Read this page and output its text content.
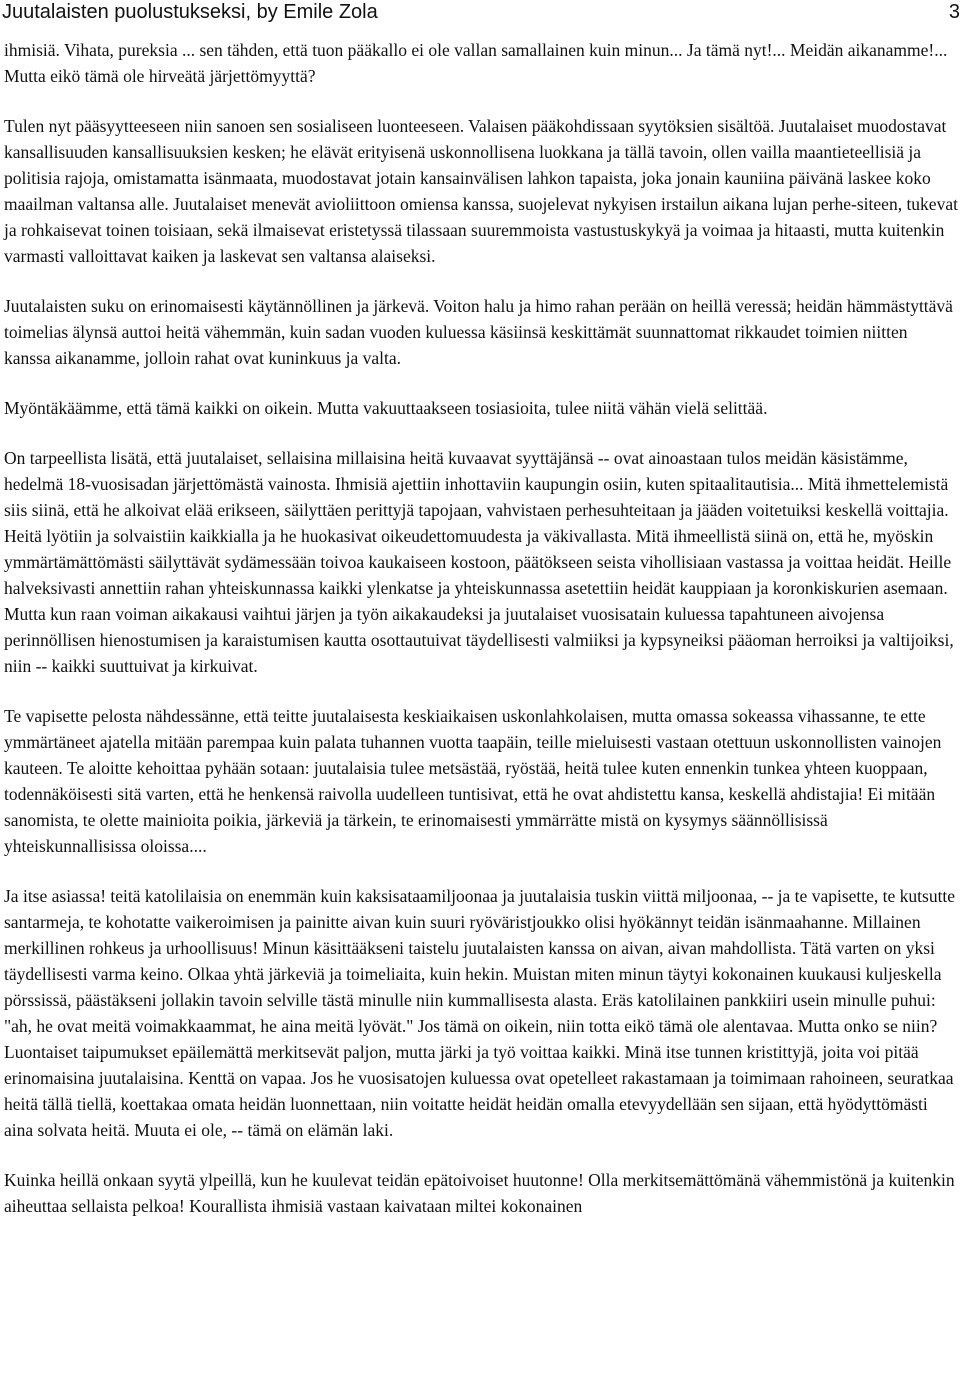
Juutalaisten puolustukseksi, by Emile Zola	3

ihmisiä. Vihata, pureksia ... sen tähden, että tuon pääkallo ei ole vallan samallainen kuin minun... Ja tämä nyt!... Meidän aikanamme!... Mutta eikö tämä ole hirveätä järjettömyyttä?

Tulen nyt pääsyytteeseen niin sanoen sen sosialiseen luonteeseen. Valaisen pääkohdissaan syytöksien sisältöä. Juutalaiset muodostavat kansallisuuden kansallisuuksien kesken; he elävät erityisenä uskonnollisena luokkana ja tällä tavoin, ollen vailla maantieteellisiä ja politisia rajoja, omistamatta isänmaata, muodostavat jotain kansainvälisen lahkon tapaista, joka jonain kauniina päivänä laskee koko maailman valtansa alle. Juutalaiset menevät avioliittoon omiensa kanssa, suojelevat nykyisen irstailun aikana lujan perhe-siteen, tukevat ja rohkaisevat toinen toisiaan, sekä ilmaisevat eristetyssä tilassaan suuremmoista vastustuskykyä ja voimaa ja hitaasti, mutta kuitenkin varmasti valloittavat kaiken ja laskevat sen valtansa alaiseksi.

Juutalaisten suku on erinomaisesti käytännöllinen ja järkevä. Voiton halu ja himo rahan perään on heillä veressä; heidän hämmästyttävä toimelias älynsä auttoi heitä vähemmän, kuin sadan vuoden kuluessa käsiinsä keskittämät suunnattomat rikkaudet toimien niitten kanssa aikanamme, jolloin rahat ovat kuninkuus ja valta.

Myöntäkäämme, että tämä kaikki on oikein. Mutta vakuuttaakseen tosiasioita, tulee niitä vähän vielä selittää.

On tarpeellista lisätä, että juutalaiset, sellaisina millaisina heitä kuvaavat syyttäjänsä -- ovat ainoastaan tulos meidän käsistämme, hedelmä 18-vuosisadan järjettömästä vainosta. Ihmisiä ajettiin inhottaviin kaupungin osiin, kuten spitaalitautisia... Mitä ihmettelemistä siis siinä, että he alkoivat elää erikseen, säilyttäen perittyjä tapojaan, vahvistaen perhesuhteitaan ja jääden voitetuiksi keskellä voittajia. Heitä lyötiin ja solvaistiin kaikkialla ja he huokasivat oikeudettomuudesta ja väkivallasta. Mitä ihmeellistä siinä on, että he, myöskin ymmärtämättömästi säilyttävät sydämessään toivoa kaukaiseen kostoon, päätökseen seista vihollisiaan vastassa ja voittaa heidät. Heille halveksivasti annettiin rahan yhteiskunnassa kaikki ylenkatse ja yhteiskunnassa asetettiin heidät kauppiaan ja koronkiskurien asemaan. Mutta kun raan voiman aikakausi vaihtui järjen ja työn aikakaudeksi ja juutalaiset vuosisatain kuluessa tapahtuneen aivojensa perinnöllisen hienostumisen ja karaistumisen kautta osottautuivat täydellisesti valmiiksi ja kypsyneiksi pääoman herroiksi ja valtijoiksi, niin -- kaikki suuttuivat ja kirkuivat.

Te vapisette pelosta nähdessänne, että teitte juutalaisesta keskiaikaisen uskonlahkolaisen, mutta omassa sokeassa vihassanne, te ette ymmärtäneet ajatella mitään parempaa kuin palata tuhannen vuotta taapäin, teille mieluisesti vastaan otettuun uskonnollisten vainojen kauteen. Te aloitte kehoittaa pyhään sotaan: juutalaisia tulee metsästää, ryöstää, heitä tulee kuten ennenkin tunkea yhteen kuoppaan, todennäköisesti sitä varten, että he henkensä raivolla uudelleen tuntisivat, että he ovat ahdistettu kansa, keskellä ahdistajia! Ei mitään sanomista, te olette mainioita poikia, järkeviä ja tärkein, te erinomaisesti ymmärrätte mistä on kysymys säännöllisissä yhteiskunnallisissa oloissa....

Ja itse asiassa! teitä katolilaisia on enemmän kuin kaksisataamiljoonaa ja juutalaisia tuskin viittä miljoonaa, -- ja te vapisette, te kutsutte santarmeja, te kohotatte vaikeroimisen ja painitte aivan kuin suuri ryöväristjoukko olisi hyökännyt teidän isänmaahanne. Millainen merkillinen rohkeus ja urhoollisuus! Minun käsittääkseni taistelu juutalaisten kanssa on aivan, aivan mahdollista. Tätä varten on yksi täydellisesti varma keino. Olkaa yhtä järkeviä ja toimeliaita, kuin hekin. Muistan miten minun täytyi kokonainen kuukausi kuljeskella pörssissä, päästäkseni jollakin tavoin selville tästä minulle niin kummallisesta alasta. Eräs katolilainen pankkiiri usein minulle puhui: "ah, he ovat meitä voimakkaammat, he aina meitä lyövät." Jos tämä on oikein, niin totta eikö tämä ole alentavaa. Mutta onko se niin? Luontaiset taipumukset epäilemättä merkitsevät paljon, mutta järki ja työ voittaa kaikki. Minä itse tunnen kristittyjä, joita voi pitää erinomaisina juutalaisina. Kenttä on vapaa. Jos he vuosisatojen kuluessa ovat opetelleet rakastamaan ja toimimaan rahoineen, seuratkaa heitä tällä tiellä, koettakaa omata heidän luonnettaan, niin voitatte heidät heidän omalla etevyydellään sen sijaan, että hyödyttömästi aina solvata heitä. Muuta ei ole, -- tämä on elämän laki.

Kuinka heillä onkaan syytä ylpeillä, kun he kuulevat teidän epätoivoiset huutonne! Olla merkitsemättömänä vähemmistönä ja kuitenkin aiheuttaa sellaista pelkoa! Kourallista ihmisiä vastaan kaivataan miltei kokonainen
